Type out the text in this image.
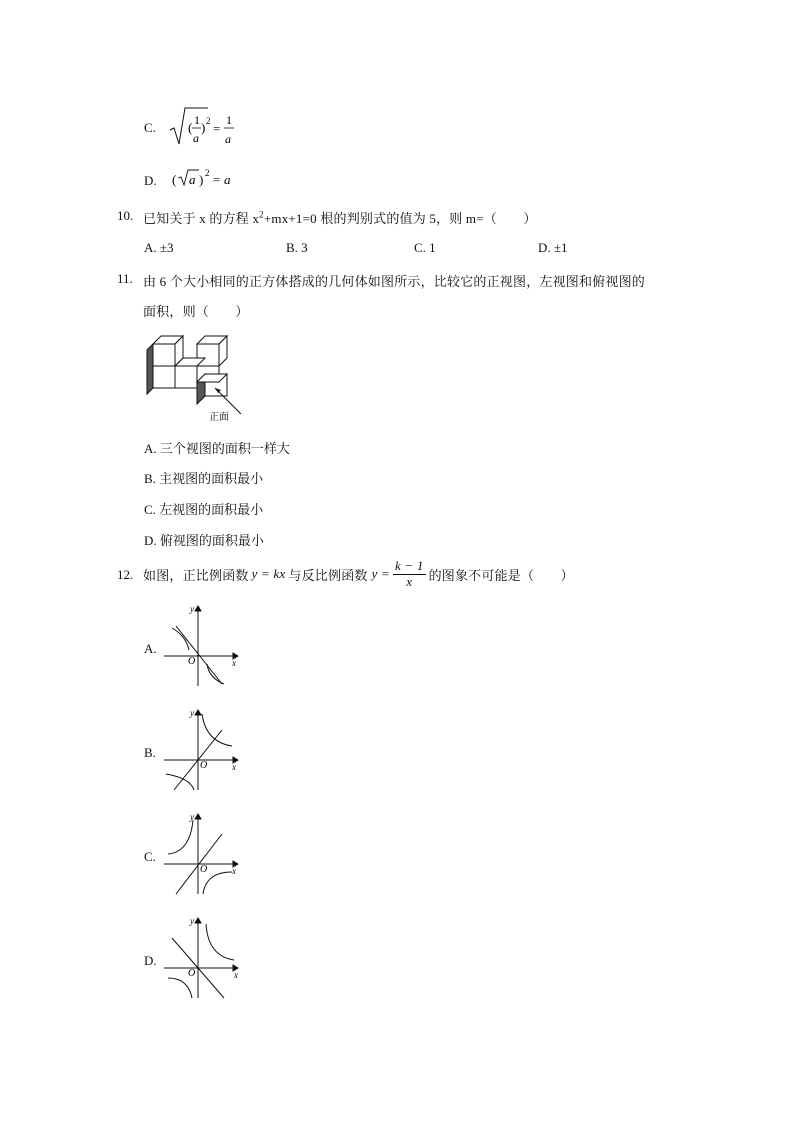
C. ( 1
a
) 2 =
1
a
D. ( a ) 2 = a
10. 已知关于 x 的方程 $x^2+mx+1=0$ 根的判别式的值为 5，则 m=（　　）
A. ±3	B. 3	C. 1	D. ±1
11. 由 6 个大小相同的正方体搭成的几何体如图所示，比较它的正视图，左视图和俯视图的
面积，则（　　）
正面
A. 三个视图的面积一样大
B. 主视图的面积最小
C. 左视图的面积最小
D. 俯视图的面积最小
12. 如图，正比例函数 y = kx 与反比例函数 $y = \frac{k - 1}{x}$ 的图象不可能是（　　）
A.
B.
C.
D.
y
x
O
y
x
O
y
x
O
y
x
O
